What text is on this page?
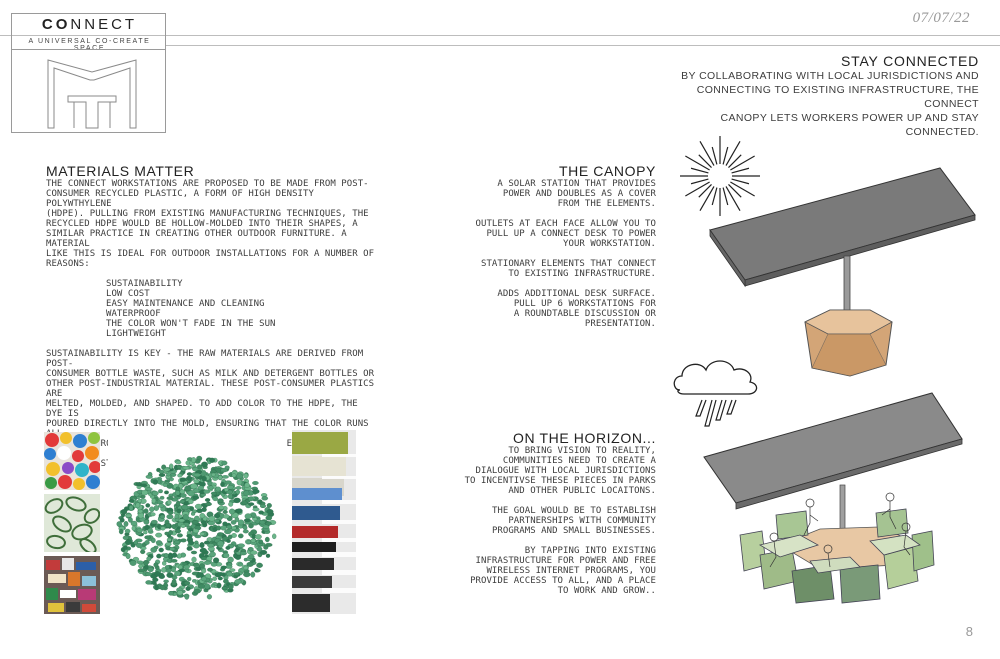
CONNECT
A UNIVERSAL CO-CREATE
07/07/22
STAY CONNECTED
BY COLLABORATING WITH LOCAL JURISDICTIONS AND
CONNECTING TO EXISTING INFRASTRUCTURE, THE CONNECT
CANOPY LETS WORKERS POWER UP AND STAY CONNECTED.
MATERIALS MATTER
THE CONNECT WORKSTATIONS ARE PROPOSED TO BE MADE FROM POST-
CONSUMER RECYCLED PLASTIC, A FORM OF HIGH DENSITY POLYWTHYLENE
(HDPE). PULLING FROM EXISTING MANUFACTURING TECHNIQUES, THE
RECYCLED HDPE WOULD BE HOLLOW-MOLDED INTO THEIR SHAPES, A
SIMILAR PRACTICE IN CREATING OTHER OUTDOOR FURNITURE. A MATERIAL
LIKE THIS IS IDEAL FOR OUTDOOR INSTALLATIONS FOR A NUMBER OF
REASONS:
SUSTAINABILITY
LOW COST
EASY MAINTENANCE AND CLEANING
WATERPROOF
THE COLOR WON'T FADE IN THE SUN
LIGHTWEIGHT
SUSTAINABILITY IS KEY - THE RAW MATERIALS ARE DERIVED FROM POST-
CONSUMER BOTTLE WASTE, SUCH AS MILK AND DETERGENT BOTTLES OR
OTHER POST-INDUSTRIAL MATERIAL. THESE POST-CONSUMER PLASTICS ARE
MELTED, MOLDED, AND SHAPED. TO ADD COLOR TO THE HDPE, THE DYE IS
POURED DIRECTLY INTO THE MOLD, ENSURING THAT THE COLOR RUNS
THE CANOPY
A SOLAR STATION THAT PROVIDES
POWER AND DOUBLES AS A COVER
FROM THE ELEMENTS.
OUTLETS AT EACH FACE ALLOW YOU TO
PULL UP A CONNECT DESK TO POWER
YOUR WORKSTATION.
STATIONARY ELEMENTS THAT CONNECT
TO EXISTING INFRASTRUCTURE.
ADDS ADDITIONAL DESK SURFACE.
PULL UP 6 WORKSTATIONS FOR
A ROUNDTABLE DISCUSSION OR
PRESENTATION.
ON THE HORIZON...
TO BRING VISION TO REALITY,
COMMUNITIES NEED TO CREATE A
DIALOGUE WITH LOCAL JURISDICTIONS
TO INCENTIVSE THESE PIECES IN PARKS
AND OTHER PUBLIC LOCAITONS.
THE GOAL WOULD BE TO ESTABLISH
PARTNERSHIPS WITH COMMUNITY
PROGRAMS AND SMALL BUSINESSES.
BY TAPPING INTO EXISTING
INFRASTRUCTURE FOR POWER AND FREE
WIRELESS INTERNET PROGRAMS, YOU
PROVIDE ACCESS TO ALL, AND A PLACE
TO WORK AND GROW..
8
